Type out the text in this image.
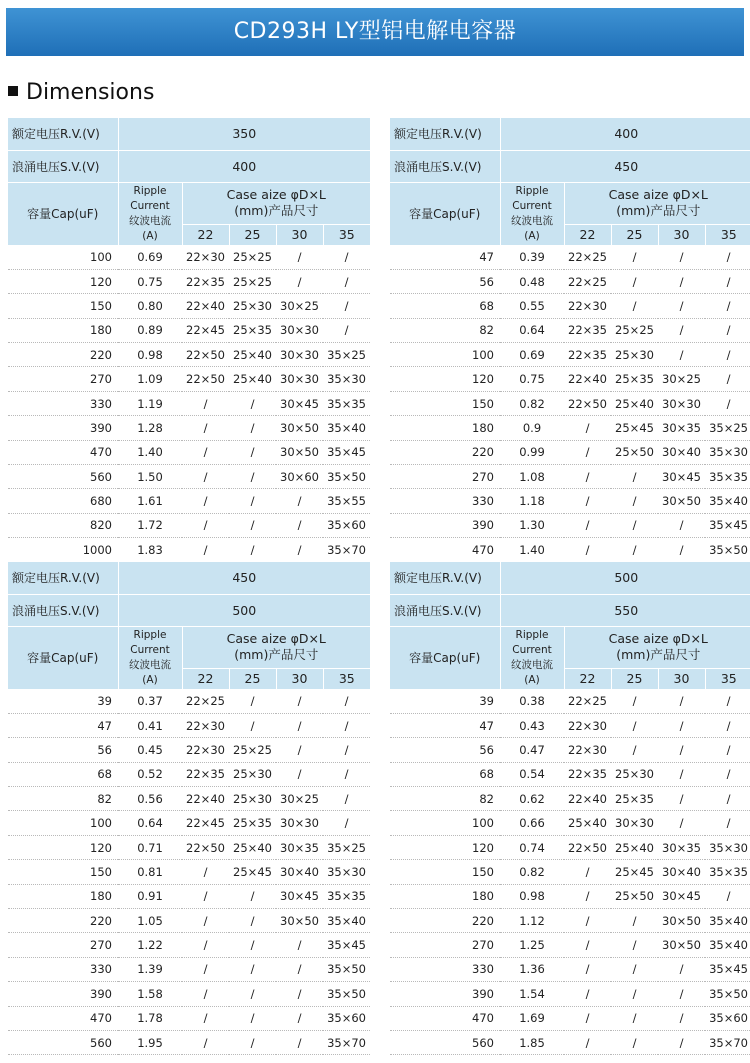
CD293H LY型铝电解电容器
Dimensions
额定电压R.V.(V)	350				
浪涌电压S.V.(V)	400				
容量Cap(uF)	Ripple
Current
纹波电流
(A)	Case aize φD×L
(mm)产品尺寸			
		22	25	30	35
100	0.69	22×30	25×25	/	/
120	0.75	22×35	25×25	/	/
150	0.80	22×40	25×30	30×25	/
180	0.89	22×45	25×35	30×30	/
220	0.98	22×50	25×40	30×30	35×25
270	1.09	22×50	25×40	30×30	35×30
330	1.19	/	/	30×45	35×35
390	1.28	/	/	30×50	35×40
470	1.40	/	/	30×50	35×45
560	1.50	/	/	30×60	35×50
680	1.61	/	/	/	35×55
820	1.72	/	/	/	35×60
1000	1.83	/	/	/	35×70
额定电压R.V.(V)	400				
浪涌电压S.V.(V)	450				
容量Cap(uF)	Ripple
Current
纹波电流
(A)	Case aize φD×L
(mm)产品尺寸			
		22	25	30	35
47	0.39	22×25	/	/	/
56	0.48	22×25	/	/	/
68	0.55	22×30	/	/	/
82	0.64	22×35	25×25	/	/
100	0.69	22×35	25×30	/	/
120	0.75	22×40	25×35	30×25	/
150	0.82	22×50	25×40	30×30	/
180	0.9	/	25×45	30×35	35×25
220	0.99	/	25×50	30×40	35×30
270	1.08	/	/	30×45	35×35
330	1.18	/	/	30×50	35×40
390	1.30	/	/	/	35×45
470	1.40	/	/	/	35×50
额定电压R.V.(V)	450				
浪涌电压S.V.(V)	500				
容量Cap(uF)	Ripple
Current
纹波电流
(A)	Case aize φD×L
(mm)产品尺寸			
		22	25	30	35
39	0.37	22×25	/	/	/
47	0.41	22×30	/	/	/
56	0.45	22×30	25×25	/	/
68	0.52	22×35	25×30	/	/
82	0.56	22×40	25×30	30×25	/
100	0.64	22×45	25×35	30×30	/
120	0.71	22×50	25×40	30×35	35×25
150	0.81	/	25×45	30×40	35×30
180	0.91	/	/	30×45	35×35
220	1.05	/	/	30×50	35×40
270	1.22	/	/	/	35×45
330	1.39	/	/	/	35×50
390	1.58	/	/	/	35×50
470	1.78	/	/	/	35×60
560	1.95	/	/	/	35×70
额定电压R.V.(V)	500				
浪涌电压S.V.(V)	550				
容量Cap(uF)	Ripple
Current
纹波电流
(A)	Case aize φD×L
(mm)产品尺寸			
		22	25	30	35
39	0.38	22×25	/	/	/
47	0.43	22×30	/	/	/
56	0.47	22×30	/	/	/
68	0.54	22×35	25×30	/	/
82	0.62	22×40	25×35	/	/
100	0.66	25×40	30×30	/	/
120	0.74	22×50	25×40	30×35	35×30
150	0.82	/	25×45	30×40	35×35
180	0.98	/	25×50	30×45	/
220	1.12	/	/	30×50	35×40
270	1.25	/	/	30×50	35×40
330	1.36	/	/	/	35×45
390	1.54	/	/	/	35×50
470	1.69	/	/	/	35×60
560	1.85	/	/	/	35×70
